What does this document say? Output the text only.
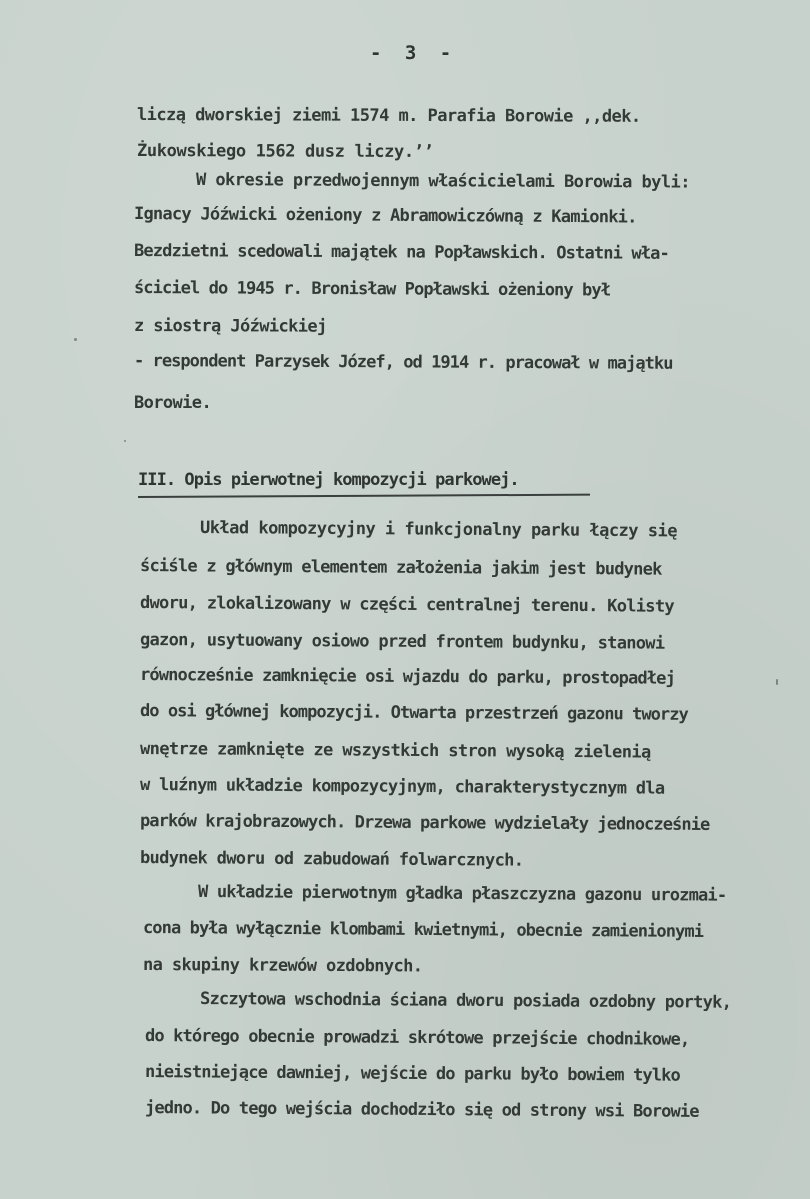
- 3 -
liczą dworskiej ziemi 1574 m. Parafia Borowie ,,dek.
Żukowskiego 1562 dusz liczy.’’
W okresie przedwojennym właścicielami Borowia byli:
Ignacy Jóźwicki ożeniony z Abramowiczówną z Kamionki.
Bezdzietni scedowali majątek na Popławskich. Ostatni wła-
ściciel do 1945 r. Bronisław Popławski ożeniony był
z siostrą Jóźwickiej
- respondent Parzysek Józef, od 1914 r. pracował w majątku
Borowie.
III. Opis pierwotnej kompozycji parkowej.
Układ kompozycyjny i funkcjonalny parku łączy się
ściśle z głównym elementem założenia jakim jest budynek
dworu, zlokalizowany w części centralnej terenu. Kolisty
gazon, usytuowany osiowo przed frontem budynku, stanowi
równocześnie zamknięcie osi wjazdu do parku, prostopadłej
do osi głównej kompozycji. Otwarta przestrzeń gazonu tworzy
wnętrze zamknięte ze wszystkich stron wysoką zielenią
w luźnym układzie kompozycyjnym, charakterystycznym dla
parków krajobrazowych. Drzewa parkowe wydzielały jednocześnie
budynek dworu od zabudowań folwarcznych.
W układzie pierwotnym gładka płaszczyzna gazonu urozmai-
cona była wyłącznie klombami kwietnymi, obecnie zamienionymi
na skupiny krzewów ozdobnych.
Szczytowa wschodnia ściana dworu posiada ozdobny portyk,
do którego obecnie prowadzi skrótowe przejście chodnikowe,
nieistniejące dawniej, wejście do parku było bowiem tylko
jedno. Do tego wejścia dochodziło się od strony wsi Borowie
